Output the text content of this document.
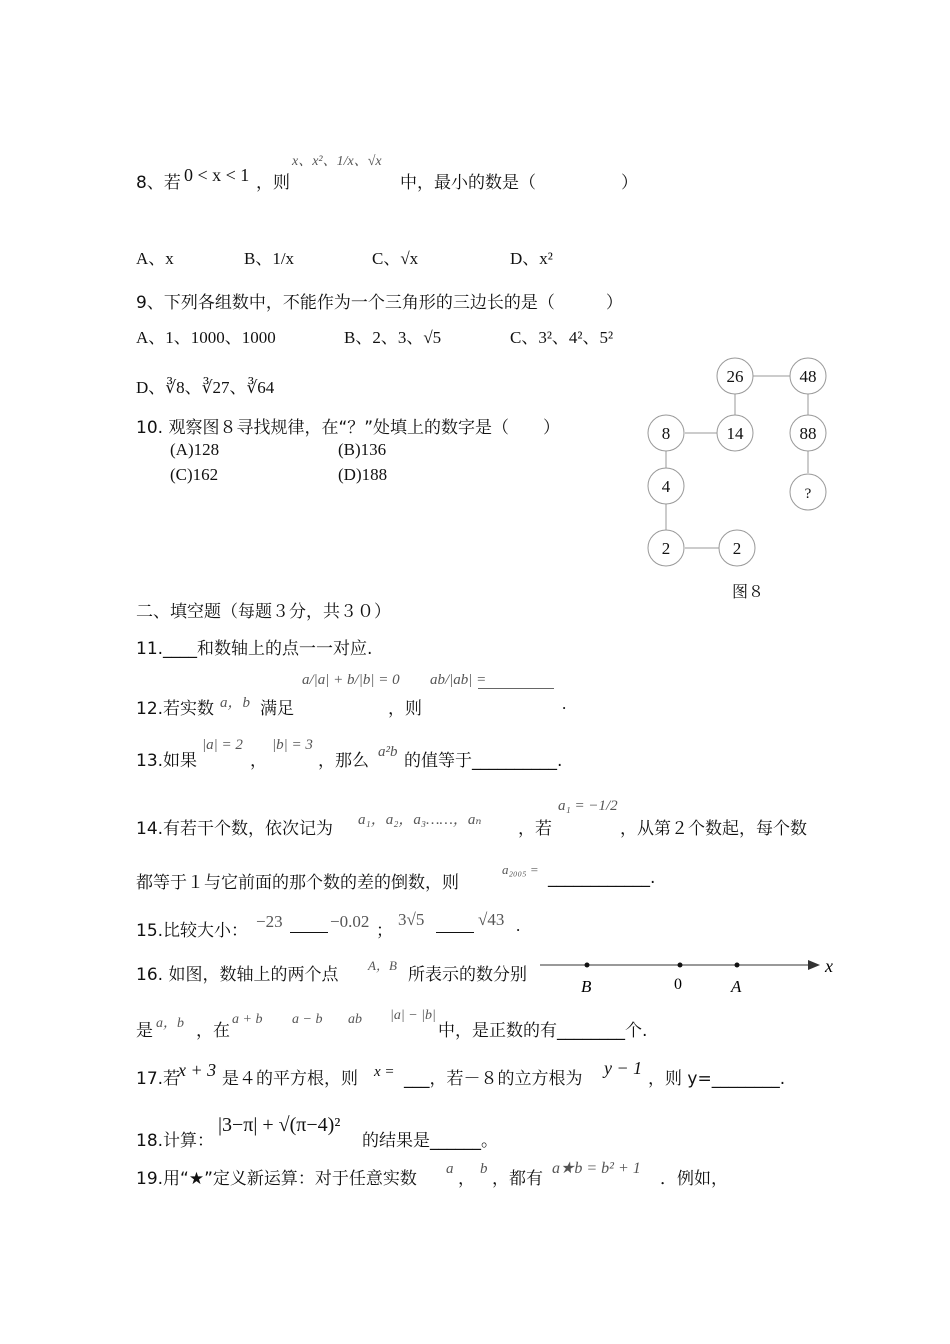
8、若 0 < x < 1 ，则
x、x²、1/x、√x
中，最小的数是（　　　　　）
A、x	B、1/x	C、√x	D、x²
9、下列各组数中，不能作为一个三角形的三边长的是（　　　）
A、1、1000、1000	B、2、3、√5	C、3²、4²、5²
D、∛8、∛27、∛64
10. 观察图８寻找规律，在“？”处填上的数字是（　　）
(A)128	(B)136
(C)162	(D)188
26	48
8	14	88
4	?
2	2
图８
二、填空题（每题３分，共３０）
11.____和数轴上的点一一对应.
12.若实数 a，b 满足
a/|a| + b/|b| = 0
，则
ab/|ab| =
.
13.如果
|a| = 2
，
|b| = 3
，那么 a²b 的值等于__________.
14.有若干个数，依次记为 a₁，a₂，a₃……，aₙ ，若
a₁ = −1/2
，从第２个数起，每个数
都等于１与它前面的那个数的差的倒数，则
a₂₀₀₅ = ____________.
15.比较大小： −23	−0.02 ；
3√5	√43 .
16. 如图，数轴上的两个点 A，B 所表示的数分别
B	0	A
x
是 a，b ，在
a + b a − b ab |a| − |b|
中，是正数的有________个.
17.若
x + 3 是４的平方根，则 x = ___，若－８的立方根为
y − 1
，则 y=________.
18.计算：
|3−π| + √(π−4)²
的结果是______。
19.用“★”定义新运算：对于任意实数 a ， b ，都有
a★b = b² + 1
．例如，
